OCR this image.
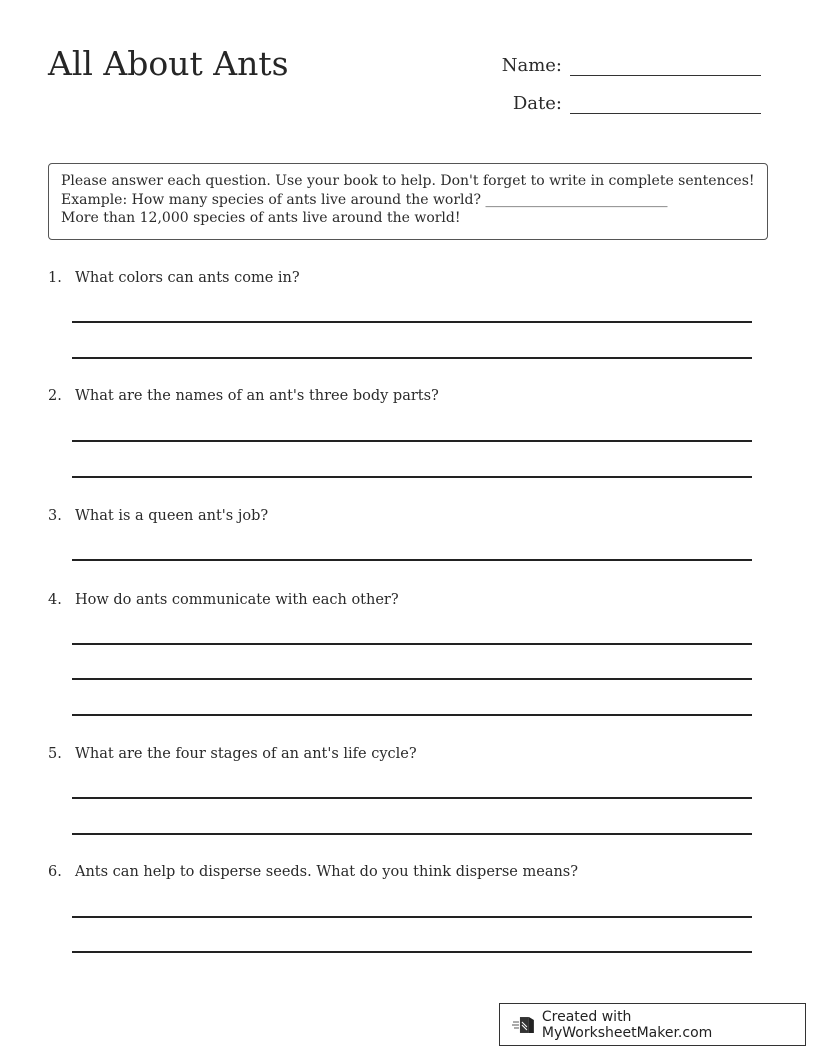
All About Ants	Name:
Date:
Please answer each question. Use your book to help. Don't forget to write in complete sentences!
Example: How many species of ants live around the world? __________________________
More than 12,000 species of ants live around the world!
1. What colors can ants come in?
2. What are the names of an ant's three body parts?
3. What is a queen ant's job?
4. How do ants communicate with each other?
5. What are the four stages of an ant's life cycle?
6. Ants can help to disperse seeds. What do you think disperse means?
Created with MyWorksheetMaker.com
